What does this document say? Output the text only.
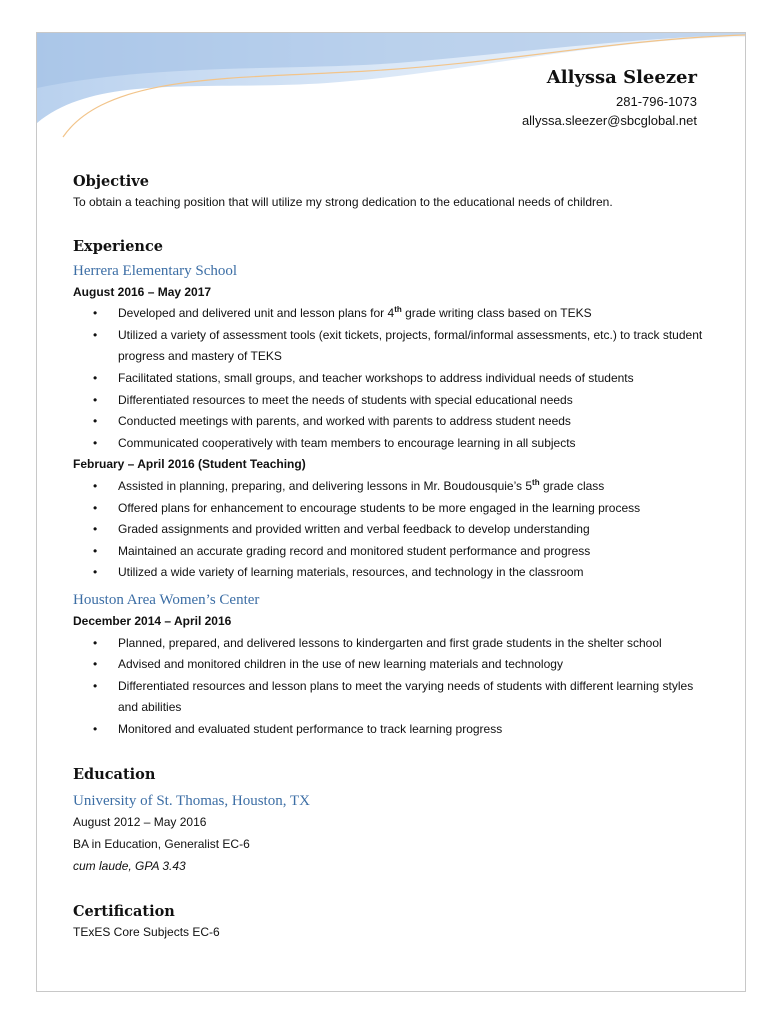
Allyssa Sleezer
281-796-1073
allyssa.sleezer@sbcglobal.net
Objective

To obtain a teaching position that will utilize my strong dedication to the educational needs of children.

Experience

Herrera Elementary School

August 2016 – May 2017

• Developed and delivered unit and lesson plans for 4th grade writing class based on TEKS
• Utilized a variety of assessment tools (exit tickets, projects, formal/informal assessments, etc.) to track student progress and mastery of TEKS
• Facilitated stations, small groups, and teacher workshops to address individual needs of students
• Differentiated resources to meet the needs of students with special educational needs
• Conducted meetings with parents, and worked with parents to address student needs
• Communicated cooperatively with team members to encourage learning in all subjects

February – April 2016 (Student Teaching)

• Assisted in planning, preparing, and delivering lessons in Mr. Boudousquie’s 5th grade class
• Offered plans for enhancement to encourage students to be more engaged in the learning process
• Graded assignments and provided written and verbal feedback to develop understanding
• Maintained an accurate grading record and monitored student performance and progress
• Utilized a wide variety of learning materials, resources, and technology in the classroom

Houston Area Women’s Center

December 2014 – April 2016

• Planned, prepared, and delivered lessons to kindergarten and first grade students in the shelter school
• Advised and monitored children in the use of new learning materials and technology
• Differentiated resources and lesson plans to meet the varying needs of students with different learning styles and abilities
• Monitored and evaluated student performance to track learning progress
Education

University of St. Thomas, Houston, TX

August 2012 – May 2016

BA in Education, Generalist EC-6

cum laude, GPA 3.43

Certification

TExES Core Subjects EC-6
